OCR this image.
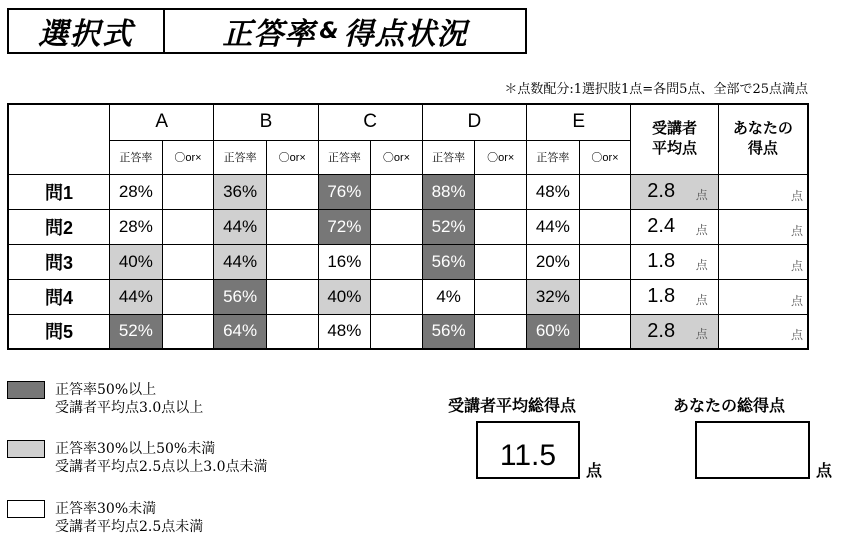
選択式	正答率 & 得点状況
＊点数配分:1選択肢1点=各問5点、全部で25点満点
	A		B		C		D		E		受講者平均点	あなたの得点
	正答率	〇or×	正答率	〇or×	正答率	〇or×	正答率	〇or×	正答率	〇or×		
問1	28%		36%		76%		88%		48%		2.8 点	点
問2	28%		44%		72%		52%		44%		2.4 点	点
問3	40%		44%		16%		56%		20%		1.8 点	点
問4	44%		56%		40%		4%		32%		1.8 点	点
問5	52%		64%		48%		56%		60%		2.8 点	点
正答率50%以上
受講者平均点3.0点以上
正答率30%以上50%未満
受講者平均点2.5点以上3.0点未満
正答率30%未満
受講者平均点2.5点未満
受講者平均総得点
11.5 点
あなたの総得点
点
